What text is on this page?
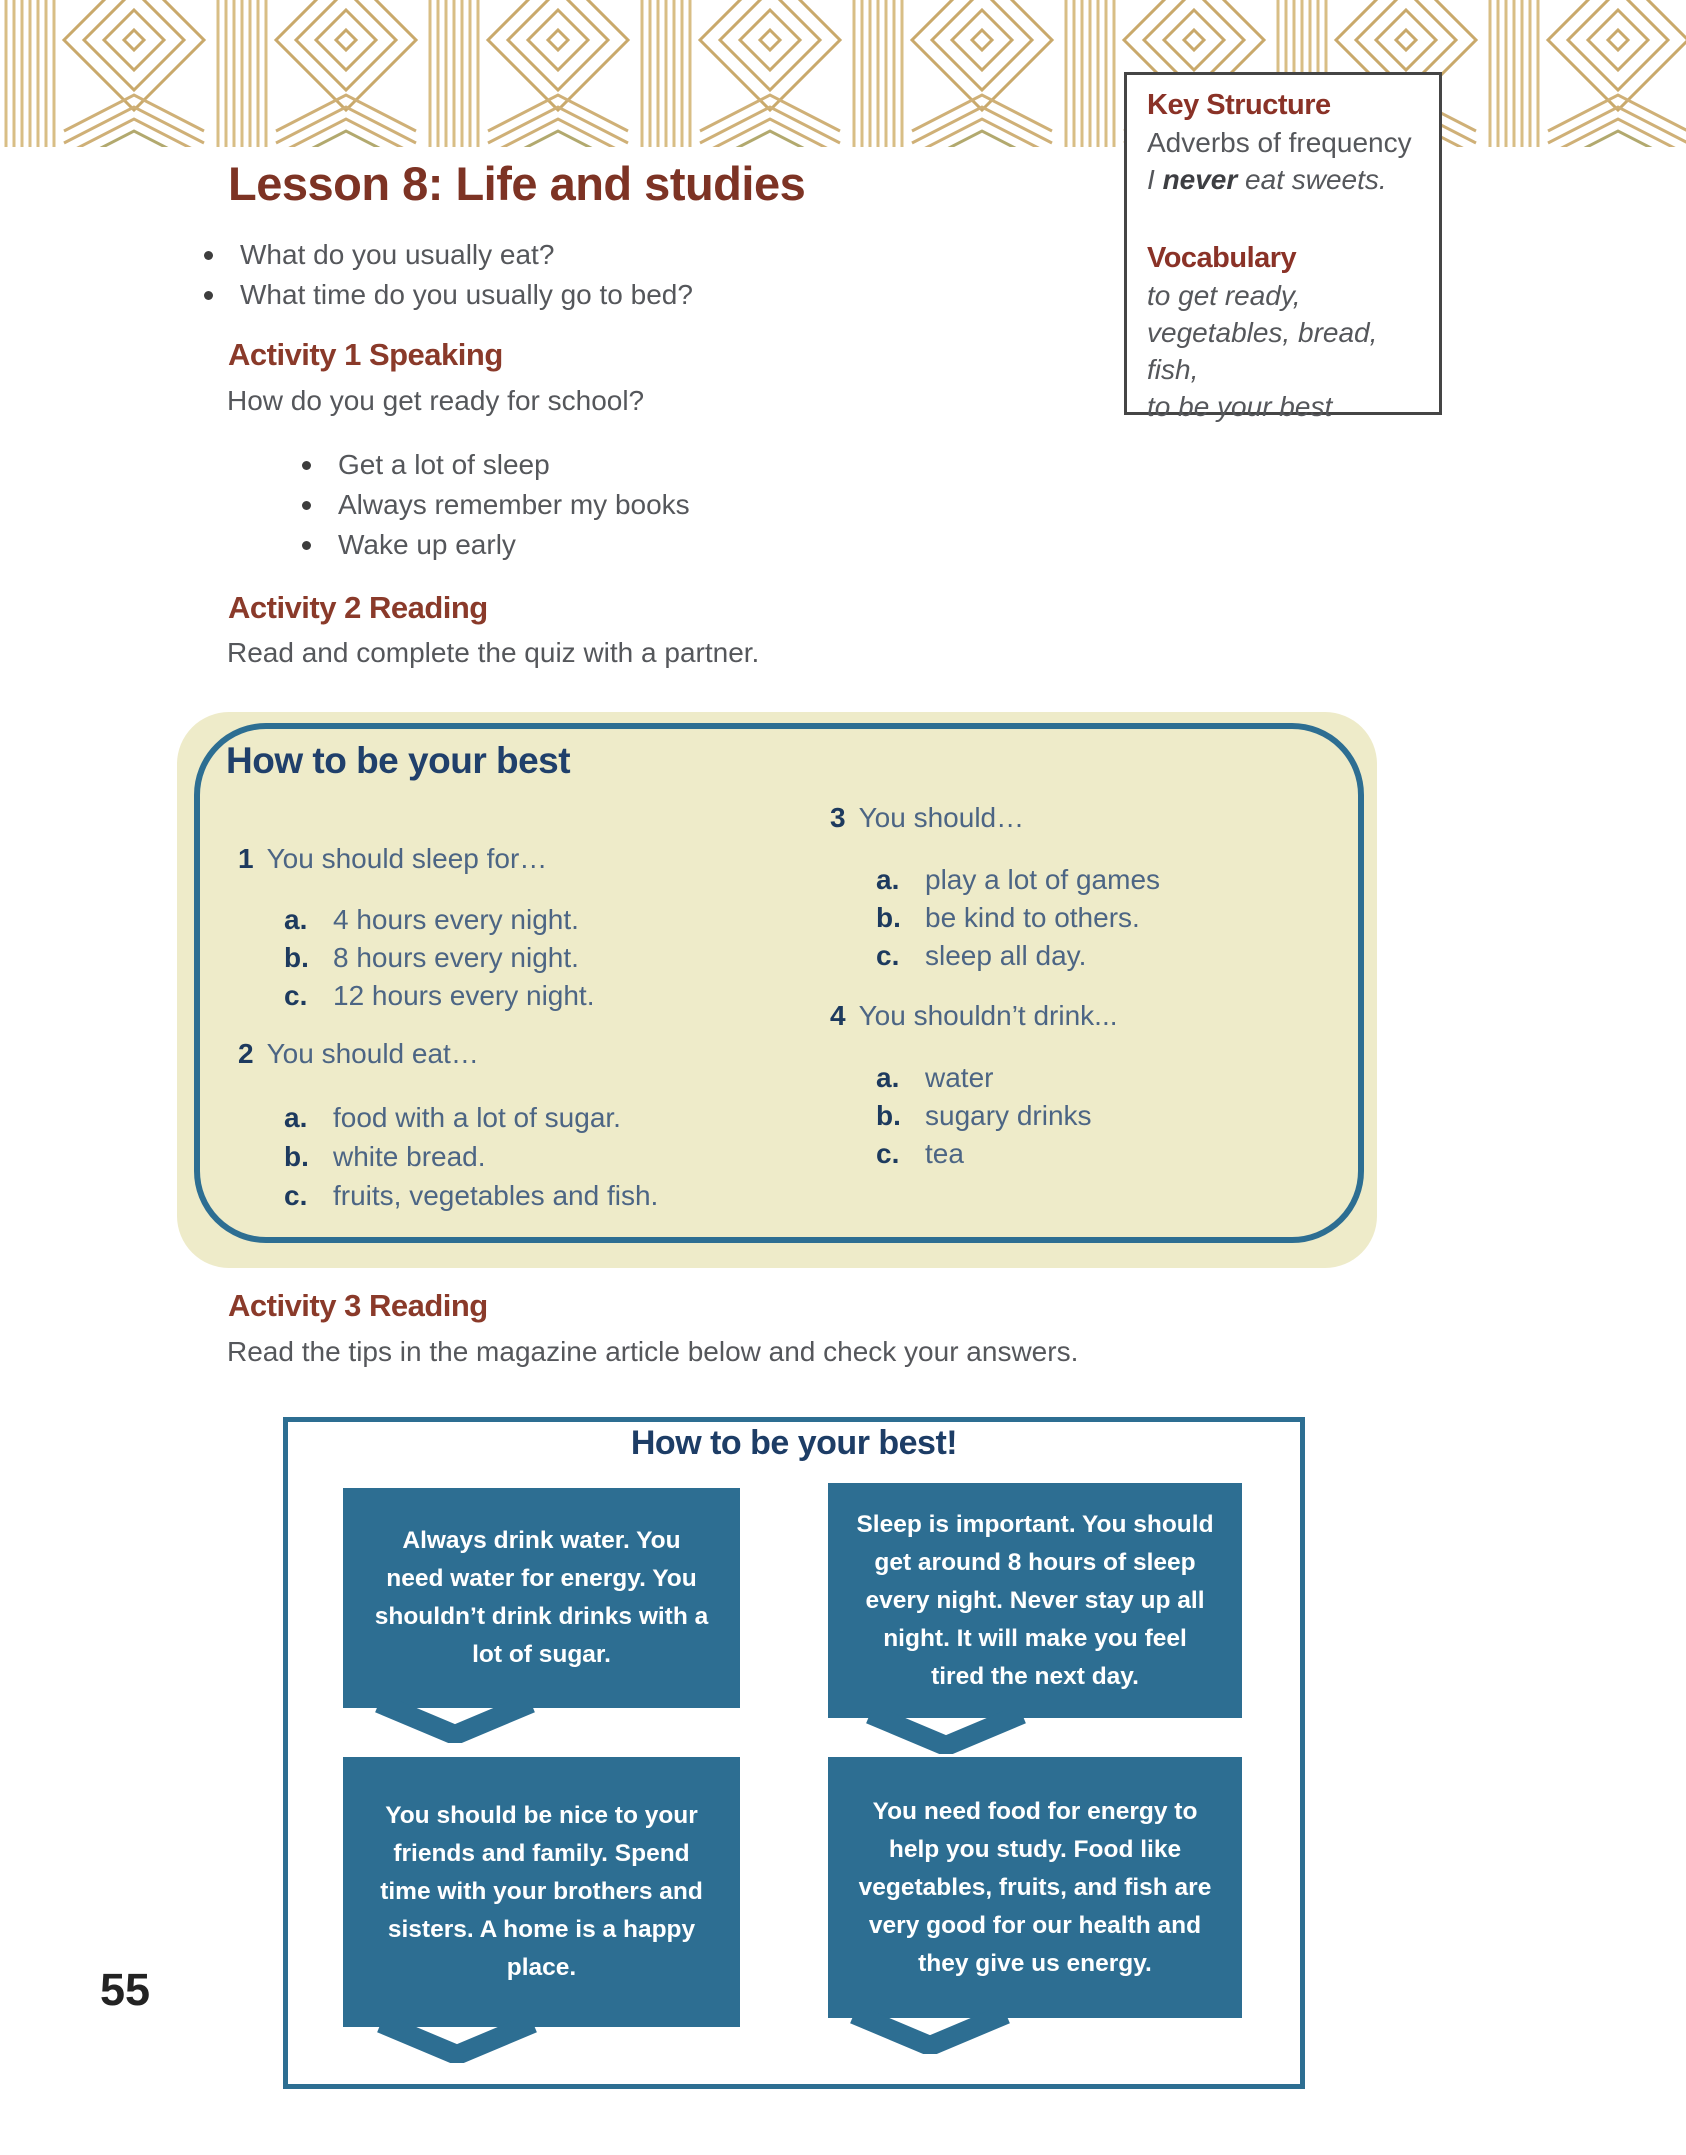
Key Structure
Adverbs of frequency
I never eat sweets.
Vocabulary
to get ready,
vegetables, bread, fish,
to be your best
Lesson 8: Life and studies
What do you usually eat?
What time do you usually go to bed?
Activity 1 Speaking
How do you get ready for school?
Get a lot of sleep
Always remember my books
Wake up early
Activity 2 Reading
Read and complete the quiz with a partner.
How to be your best
1 You should sleep for…
a. 4 hours every night.
b. 8 hours every night.
c. 12 hours every night.
2 You should eat…
a. food with a lot of sugar.
b. white bread.
c. fruits, vegetables and fish.
3 You should…
a. play a lot of games
b. be kind to others.
c. sleep all day.
4 You shouldn’t drink...
a. water
b. sugary drinks
c. tea
Activity 3 Reading
Read the tips in the magazine article below and check your answers.
How to be your best!
Always drink water. You need water for energy. You shouldn’t drink drinks with a lot of sugar.
Sleep is important. You should get around 8 hours of sleep every night. Never stay up all night. It will make you feel tired the next day.
You should be nice to your friends and family. Spend time with your brothers and sisters. A home is a happy place.
You need food for energy to help you study. Food like vegetables, fruits, and fish are very good for our health and they give us energy.
55
